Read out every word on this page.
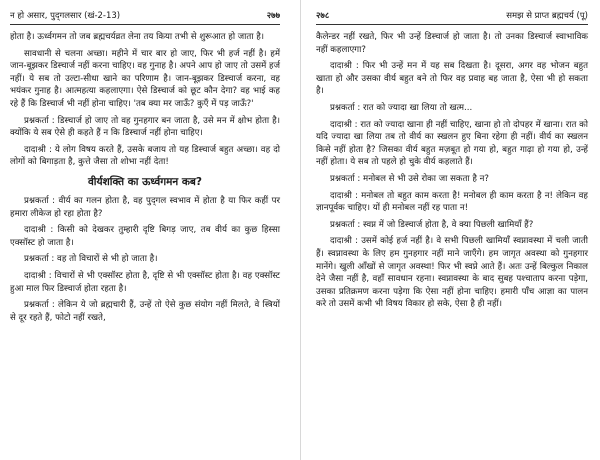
न हो असार, पुद्‌गलसार (खं-2-13)	२७७

होता है। ऊर्ध्वगमन तो जब ब्रह्मचर्यव्रत लेना तय किया तभी से शुरूआत हो जाता है।

सावधानी से चलना अच्छा। महीने में चार बार हो जाए, फिर भी हर्ज नहीं है। हमें जान-बूझकर डिस्चार्ज नहीं करना चाहिए। वह गुनाह है। अपने आप हो जाए तो उसमें हर्ज नहीं। ये सब तो उल्टा-सीधा खाने का परिणाम है। जान-बूझकर डिस्चार्ज करना, वह भयंकर गुनाह है। आत्महत्या कहलाएगा। ऐसे डिस्चार्ज को छूट कौन देगा? वह भाई कह रहे हैं कि डिस्चार्ज भी नहीं होना चाहिए। 'तब क्या मर जाऊँ? कुएँ में पड़ जाऊँ?'

प्रश्नकर्ता : डिस्चार्ज हो जाए तो वह गुनहगार बन जाता है, उसे मन में क्षोभ होता है। क्योंकि ये सब ऐसे ही कहते हैं न कि डिस्चार्ज नहीं होना चाहिए।

दादाश्री : ये लोग विषय करते हैं, उसके बजाय तो यह डिस्चार्ज बहुत अच्छा। वह दो लोगों को बिगाड़ता है, कुत्ते जैसा तो शोभा नहीं देता!

वीर्यशक्ति का ऊर्ध्वगमन कब?

प्रश्नकर्ता : वीर्य का गलन होता है, वह पुद्‌गल स्वभाव में होता है या फिर कहीं पर हमारा लीकेज हो रहा होता है?

दादाश्री : किसी को देखकर तुम्हारी दृष्टि बिगड़ जाए, तब वीर्य का कुछ हिस्सा एक्सॉस्ट हो जाता है।

प्रश्नकर्ता : वह तो विचारों से भी हो जाता है।

दादाश्री : विचारों से भी एक्सॉस्ट होता है, दृष्टि से भी एक्सॉस्ट होता है। वह एक्सॉस्ट हुआ माल फिर डिस्चार्ज होता रहता है।

प्रश्नकर्ता : लेकिन ये जो ब्रह्मचारी हैं, उन्हें तो ऐसे कुछ संयोग नहीं मिलते, वे स्त्रियों से दूर रहते हैं, फोटो नहीं रखते,

२७८	समझ से प्राप्त ब्रह्मचर्य (पू)

कैलेन्डर नहीं रखते, फिर भी उन्हें डिस्चार्ज हो जाता है। तो उनका डिस्चार्ज स्वाभाविक नहीं कहलाएगा?

दादाश्री : फिर भी उन्हें मन में यह सब दिखता है। दूसरा, अगर वह भोजन बहुत खाता हो और उसका वीर्य बहुत बने तो फिर वह प्रवाह बह जाता है, ऐसा भी हो सकता है।

प्रश्नकर्ता : रात को ज्यादा खा लिया तो खत्म...

दादाश्री : रात को ज्यादा खाना ही नहीं चाहिए, खाना हो तो दोपहर में खाना। रात को यदि ज्यादा खा लिया तब तो वीर्य का स्खलन हुए बिना रहेगा ही नहीं। वीर्य का स्खलन किसे नहीं होता है? जिसका वीर्य बहुत मज़बूत हो गया हो, बहुत गाढ़ा हो गया हो, उन्हें नहीं होता। ये सब तो पहले हो चुके वीर्य कहलाते हैं।

प्रश्नकर्ता : मनोबल से भी उसे रोका जा सकता है न?

दादाश्री : मनोबल तो बहुत काम करता है! मनोबल ही काम करता है न! लेकिन वह ज्ञानपूर्वक चाहिए। यों ही मनोबल नहीं रह पाता न!

प्रश्नकर्ता : स्वप्न में जो डिस्चार्ज होता है, वे क्या पिछली खामियाँ हैं?

दादाश्री : उसमें कोई हर्ज नहीं है। वे सभी पिछली खामियाँ स्वप्नावस्था में चली जाती हैं। स्वप्नावस्था के लिए हम गुनहगार नहीं माने जाएँगे। हम जागृत अवस्था को गुनहगार मानेंगे। खुली आँखों से जागृत अवस्था! फिर भी स्वप्ने आते हैं। अतः उन्हें बिल्कुल निकाल देने जैसा नहीं है, वहाँ सावधान रहना। स्वप्नावस्था के बाद सुबह पश्चाताप करना पड़ेगा, उसका प्रतिक्रमण करना पड़ेगा कि ऐसा नहीं होना चाहिए। हमारी पाँच आज्ञा का पालन करे तो उसमें कभी भी विषय विकार हो सके, ऐसा है ही नहीं।
